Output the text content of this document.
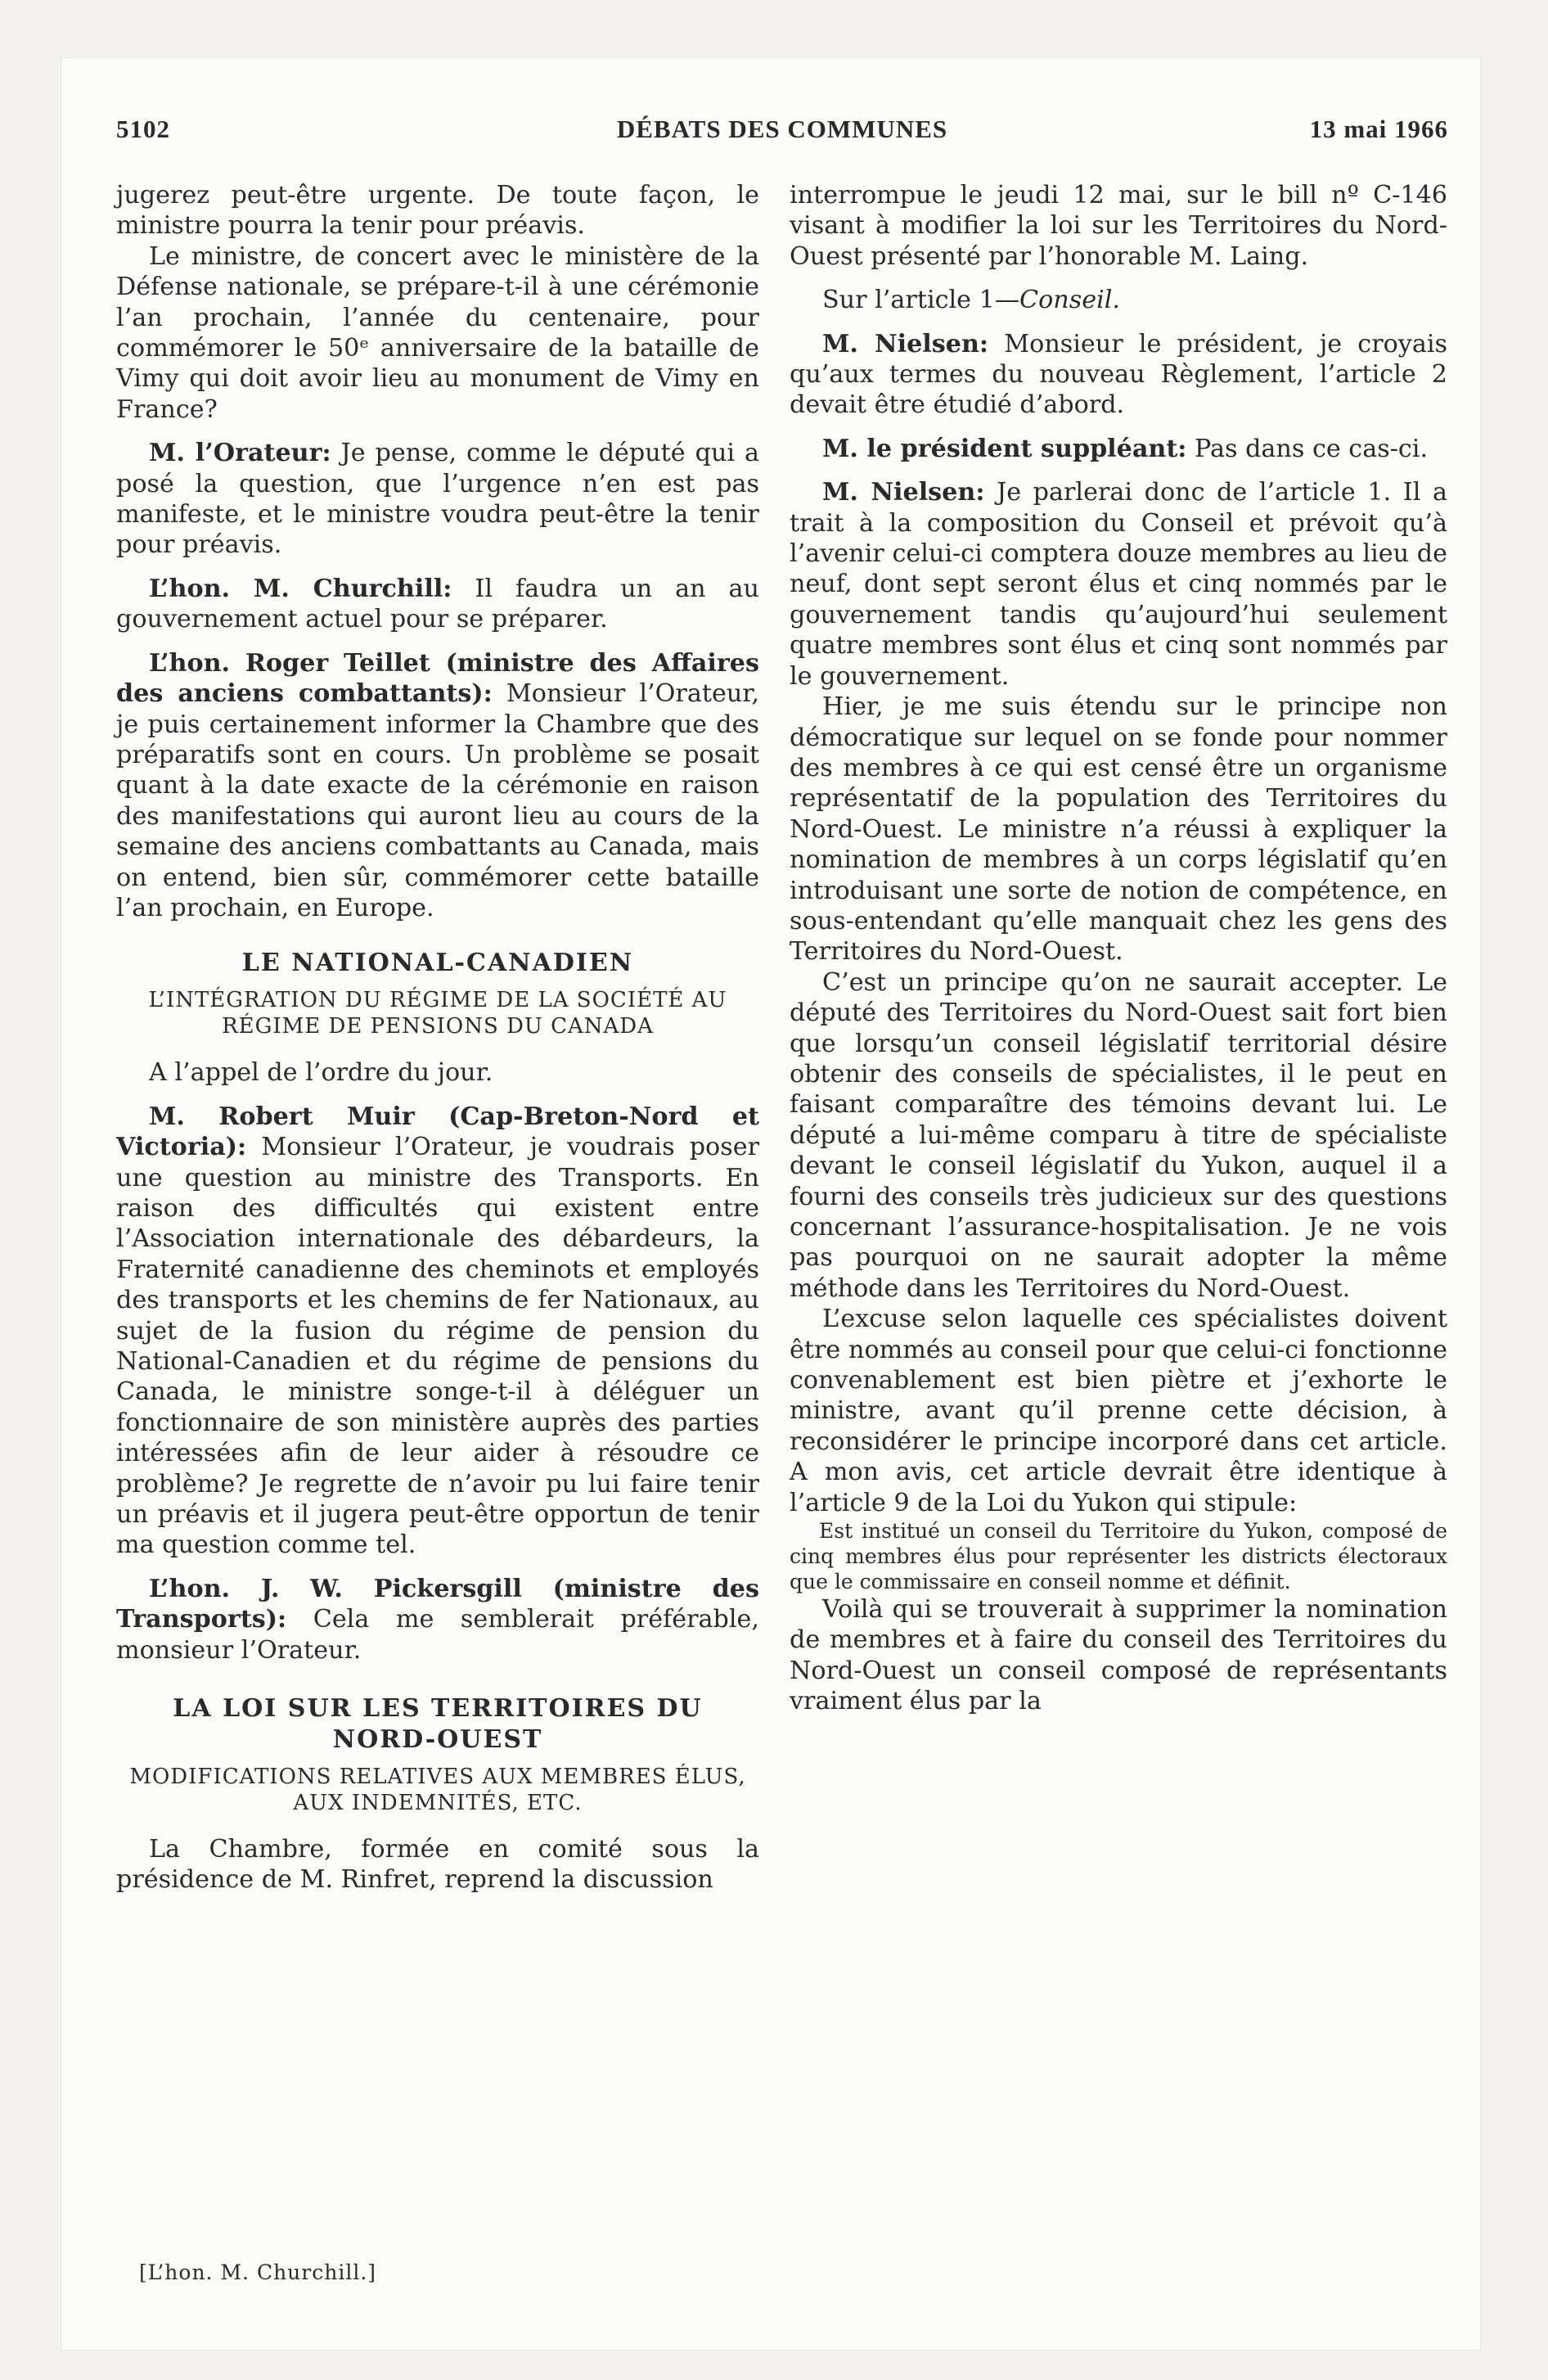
5102	DÉBATS DES COMMUNES	13 mai 1966

jugerez peut-être urgente. De toute façon, le ministre pourra la tenir pour préavis.

Le ministre, de concert avec le ministère de la Défense nationale, se prépare-t-il à une cérémonie l’an prochain, l’année du centenaire, pour commémorer le 50ᵉ anniversaire de la bataille de Vimy qui doit avoir lieu au monument de Vimy en France?

M. l’Orateur: Je pense, comme le député qui a posé la question, que l’urgence n’en est pas manifeste, et le ministre voudra peut-être la tenir pour préavis.

L’hon. M. Churchill: Il faudra un an au gouvernement actuel pour se préparer.

L’hon. Roger Teillet (ministre des Affaires des anciens combattants): Monsieur l’Orateur, je puis certainement informer la Chambre que des préparatifs sont en cours. Un problème se posait quant à la date exacte de la cérémonie en raison des manifestations qui auront lieu au cours de la semaine des anciens combattants au Canada, mais on entend, bien sûr, commémorer cette bataille l’an prochain, en Europe.

LE NATIONAL-CANADIEN
L’INTÉGRATION DU RÉGIME DE LA SOCIÉTÉ AU RÉGIME DE PENSIONS DU CANADA

A l’appel de l’ordre du jour.

M. Robert Muir (Cap-Breton-Nord et Victoria): Monsieur l’Orateur, je voudrais poser une question au ministre des Transports. En raison des difficultés qui existent entre l’Association internationale des débardeurs, la Fraternité canadienne des cheminots et employés des transports et les chemins de fer Nationaux, au sujet de la fusion du régime de pension du National-Canadien et du régime de pensions du Canada, le ministre songe-t-il à déléguer un fonctionnaire de son ministère auprès des parties intéressées afin de leur aider à résoudre ce problème? Je regrette de n’avoir pu lui faire tenir un préavis et il jugera peut-être opportun de tenir ma question comme tel.

L’hon. J. W. Pickersgill (ministre des Transports): Cela me semblerait préférable, monsieur l’Orateur.

LA LOI SUR LES TERRITOIRES DU NORD-OUEST
MODIFICATIONS RELATIVES AUX MEMBRES ÉLUS, AUX INDEMNITÉS, ETC.

La Chambre, formée en comité sous la présidence de M. Rinfret, reprend la discussion

interrompue le jeudi 12 mai, sur le bill nº C-146 visant à modifier la loi sur les Territoires du Nord-Ouest présenté par l’honorable M. Laing.

Sur l’article 1—Conseil.

M. Nielsen: Monsieur le président, je croyais qu’aux termes du nouveau Règlement, l’article 2 devait être étudié d’abord.

M. le président suppléant: Pas dans ce cas-ci.

M. Nielsen: Je parlerai donc de l’article 1. Il a trait à la composition du Conseil et prévoit qu’à l’avenir celui-ci comptera douze membres au lieu de neuf, dont sept seront élus et cinq nommés par le gouvernement tandis qu’aujourd’hui seulement quatre membres sont élus et cinq sont nommés par le gouvernement.

Hier, je me suis étendu sur le principe non démocratique sur lequel on se fonde pour nommer des membres à ce qui est censé être un organisme représentatif de la population des Territoires du Nord-Ouest. Le ministre n’a réussi à expliquer la nomination de membres à un corps législatif qu’en introduisant une sorte de notion de compétence, en sous-entendant qu’elle manquait chez les gens des Territoires du Nord-Ouest.

C’est un principe qu’on ne saurait accepter. Le député des Territoires du Nord-Ouest sait fort bien que lorsqu’un conseil législatif territorial désire obtenir des conseils de spécialistes, il le peut en faisant comparaître des témoins devant lui. Le député a lui-même comparu à titre de spécialiste devant le conseil législatif du Yukon, auquel il a fourni des conseils très judicieux sur des questions concernant l’assurance-hospitalisation. Je ne vois pas pourquoi on ne saurait adopter la même méthode dans les Territoires du Nord-Ouest.

L’excuse selon laquelle ces spécialistes doivent être nommés au conseil pour que celui-ci fonctionne convenablement est bien piètre et j’exhorte le ministre, avant qu’il prenne cette décision, à reconsidérer le principe incorporé dans cet article. A mon avis, cet article devrait être identique à l’article 9 de la Loi du Yukon qui stipule:

Est institué un conseil du Territoire du Yukon, composé de cinq membres élus pour représenter les districts électoraux que le commissaire en conseil nomme et définit.

Voilà qui se trouverait à supprimer la nomination de membres et à faire du conseil des Territoires du Nord-Ouest un conseil composé de représentants vraiment élus par la

[L’hon. M. Churchill.]
